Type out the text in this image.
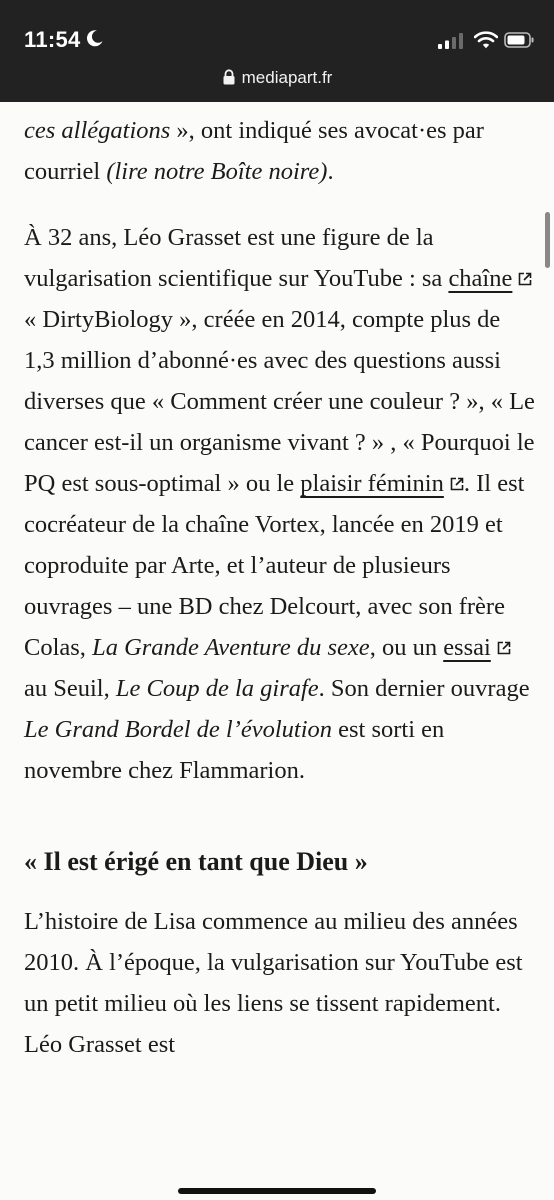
11:54
mediapart.fr

ces allégations », ont indiqué ses avocat·es par courriel (lire notre Boîte noire).

À 32 ans, Léo Grasset est une figure de la vulgarisation scientifique sur YouTube : sa chaîne « DirtyBiology », créée en 2014, compte plus de 1,3 million d’abonné·es avec des questions aussi diverses que « Comment créer une couleur ? », « Le cancer est-il un organisme vivant ? » , « Pourquoi le PQ est sous-optimal » ou le plaisir féminin . Il est cocréateur de la chaîne Vortex, lancée en 2019 et coproduite par Arte, et l’auteur de plusieurs ouvrages – une BD chez Delcourt, avec son frère Colas, La Grande Aventure du sexe, ou un essai au Seuil, Le Coup de la girafe. Son dernier ouvrage Le Grand Bordel de l’évolution est sorti en novembre chez Flammarion.

« Il est érigé en tant que Dieu »

L’histoire de Lisa commence au milieu des années 2010. À l’époque, la vulgarisation sur YouTube est un petit milieu où les liens se tissent rapidement. Léo Grasset est
